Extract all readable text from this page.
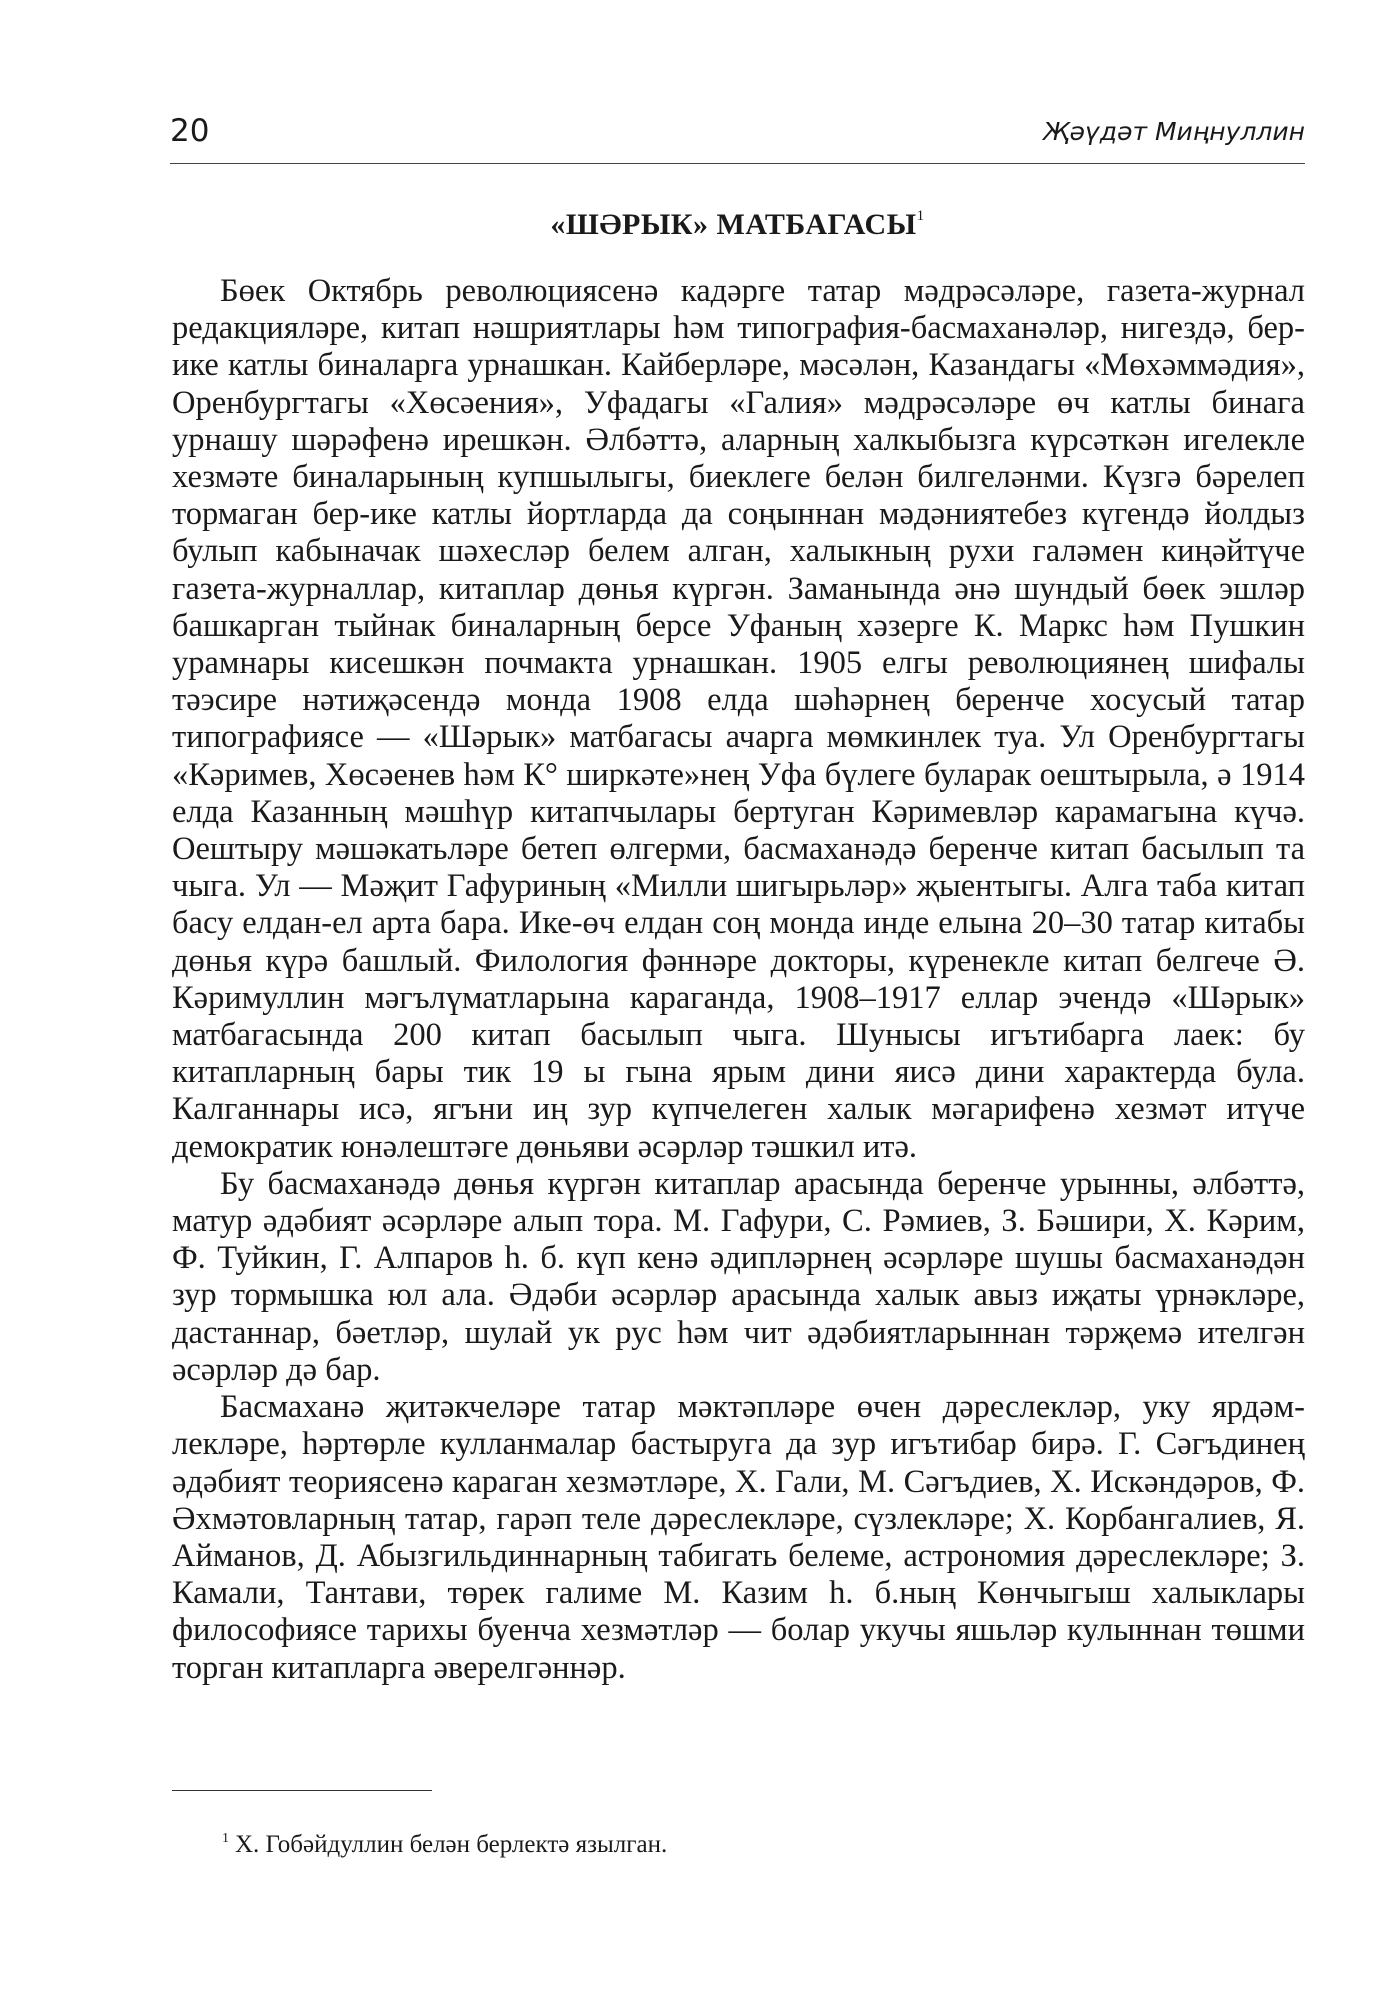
20	Җәүдәт Миңнуллин
«ШӘРЫК» МАТБАГАСЫ$^1$

Бөек Октябрь революциясенә кадәрге татар мәдрәсәләре, газета-журнал редакцияләре, китап нәшриятлары һәм типография-басмаханәләр, нигездә, бер-ике катлы биналарга урнашкан. Кайберләре, мәсәлән, Казандагы «Мөхәммәдия», Оренбургтагы «Хөсәения», Уфадагы «Галия» мәдрәсәләре өч катлы бинага урнашу шәрәфенә ирешкән. Әлбәттә, аларның халкыбызга күрсәткән игелекле хезмәте биналарының купшылыгы, биеклеге белән билгеләнми. Күзгә бәрелеп тормаган бер-ике катлы йортларда да соңыннан мәдәниятебез күгендә йолдыз булып кабыначак шәхесләр белем алган, халыкның рухи галәмен киңәйтүче газета-журналлар, китаплар дөнья күргән. Заманында әнә шундый бөек эшләр башкарган тыйнак биналарның берсе Уфаның хәзерге К. Маркс һәм Пушкин урамнары кисешкән почмакта урнашкан. 1905 елгы революциянең шифалы тәэсире нәтиҗәсендә монда 1908 елда шәһәрнең беренче хосусый татар типографиясе — «Шәрык» матбагасы ачарга мөмкинлек туа. Ул Оренбургтагы «Кәримев, Хөсәенев һәм К° ширкәте»нең Уфа бүлеге буларак оештырыла, ә 1914 елда Казанның мәшһүр китапчылары бертуган Кәримевләр карамагына күчә. Оештыру мәшәкатьләре бетеп өлгерми, басмаханәдә беренче китап басылып та чыга. Ул — Мәҗит Гафуриның «Милли шигырьләр» җыентыгы. Алга таба китап басу елдан-ел арта бара. Ике-өч елдан соң монда инде елына 20–30 татар китабы дөнья күрә башлый. Филология фәннәре докторы, күренекле китап белгече Ә. Кәримуллин мәгълүматларына караганда, 1908–1917 еллар эчендә «Шәрык» матбагасында 200 китап басылып чыга. Шунысы игътибарга лаек: бу китапларның бары тик 19 ы гына ярым дини яисә дини характерда була. Калганнары исә, ягъни иң зур күпчелеген халык мәгарифенә хезмәт итүче демократик юнәлештәге дөньяви әсәрләр тәшкил итә.

Бу басмаханәдә дөнья күргән китаплар арасында беренче урынны, әлбәттә, матур әдәбият әсәрләре алып тора. М. Гафури, С. Рәмиев, З. Бәшири, Х. Кәрим, Ф. Туйкин, Г. Алпаров һ. б. күп кенә әдипләрнең әсәрләре шушы басмаханәдән зур тормышка юл ала. Әдәби әсәрләр арасында халык авыз иҗаты үрнәкләре, дастаннар, бәетләр, шулай ук рус һәм чит әдәбиятларыннан тәрҗемә ителгән әсәрләр дә бар.

Басмаханә җитәкчеләре татар мәктәпләре өчен дәреслекләр, уку ярдәмлекләре, һәртөрле кулланмалар бастыруга да зур игътибар бирә. Г. Сәгъдинең әдәбият теориясенә караган хезмәтләре, Х. Гали, М. Сәгъдиев, Х. Искәндәров, Ф. Әхмәтовларның татар, гарәп теле дәреслекләре, сүзлекләре; Х. Корбангалиев, Я. Айманов, Д. Абызгильдиннарның табигать белеме, астрономия дәреслекләре; З. Камали, Тантави, төрек галиме М. Казим һ. б.ның Көнчыгыш халыклары философиясе тарихы буенча хезмәтләр — болар укучы яшьләр кулыннан төшми торган китапларга әверелгәннәр.

$^1$ Х. Гобәйдуллин белән берлектә язылган.
